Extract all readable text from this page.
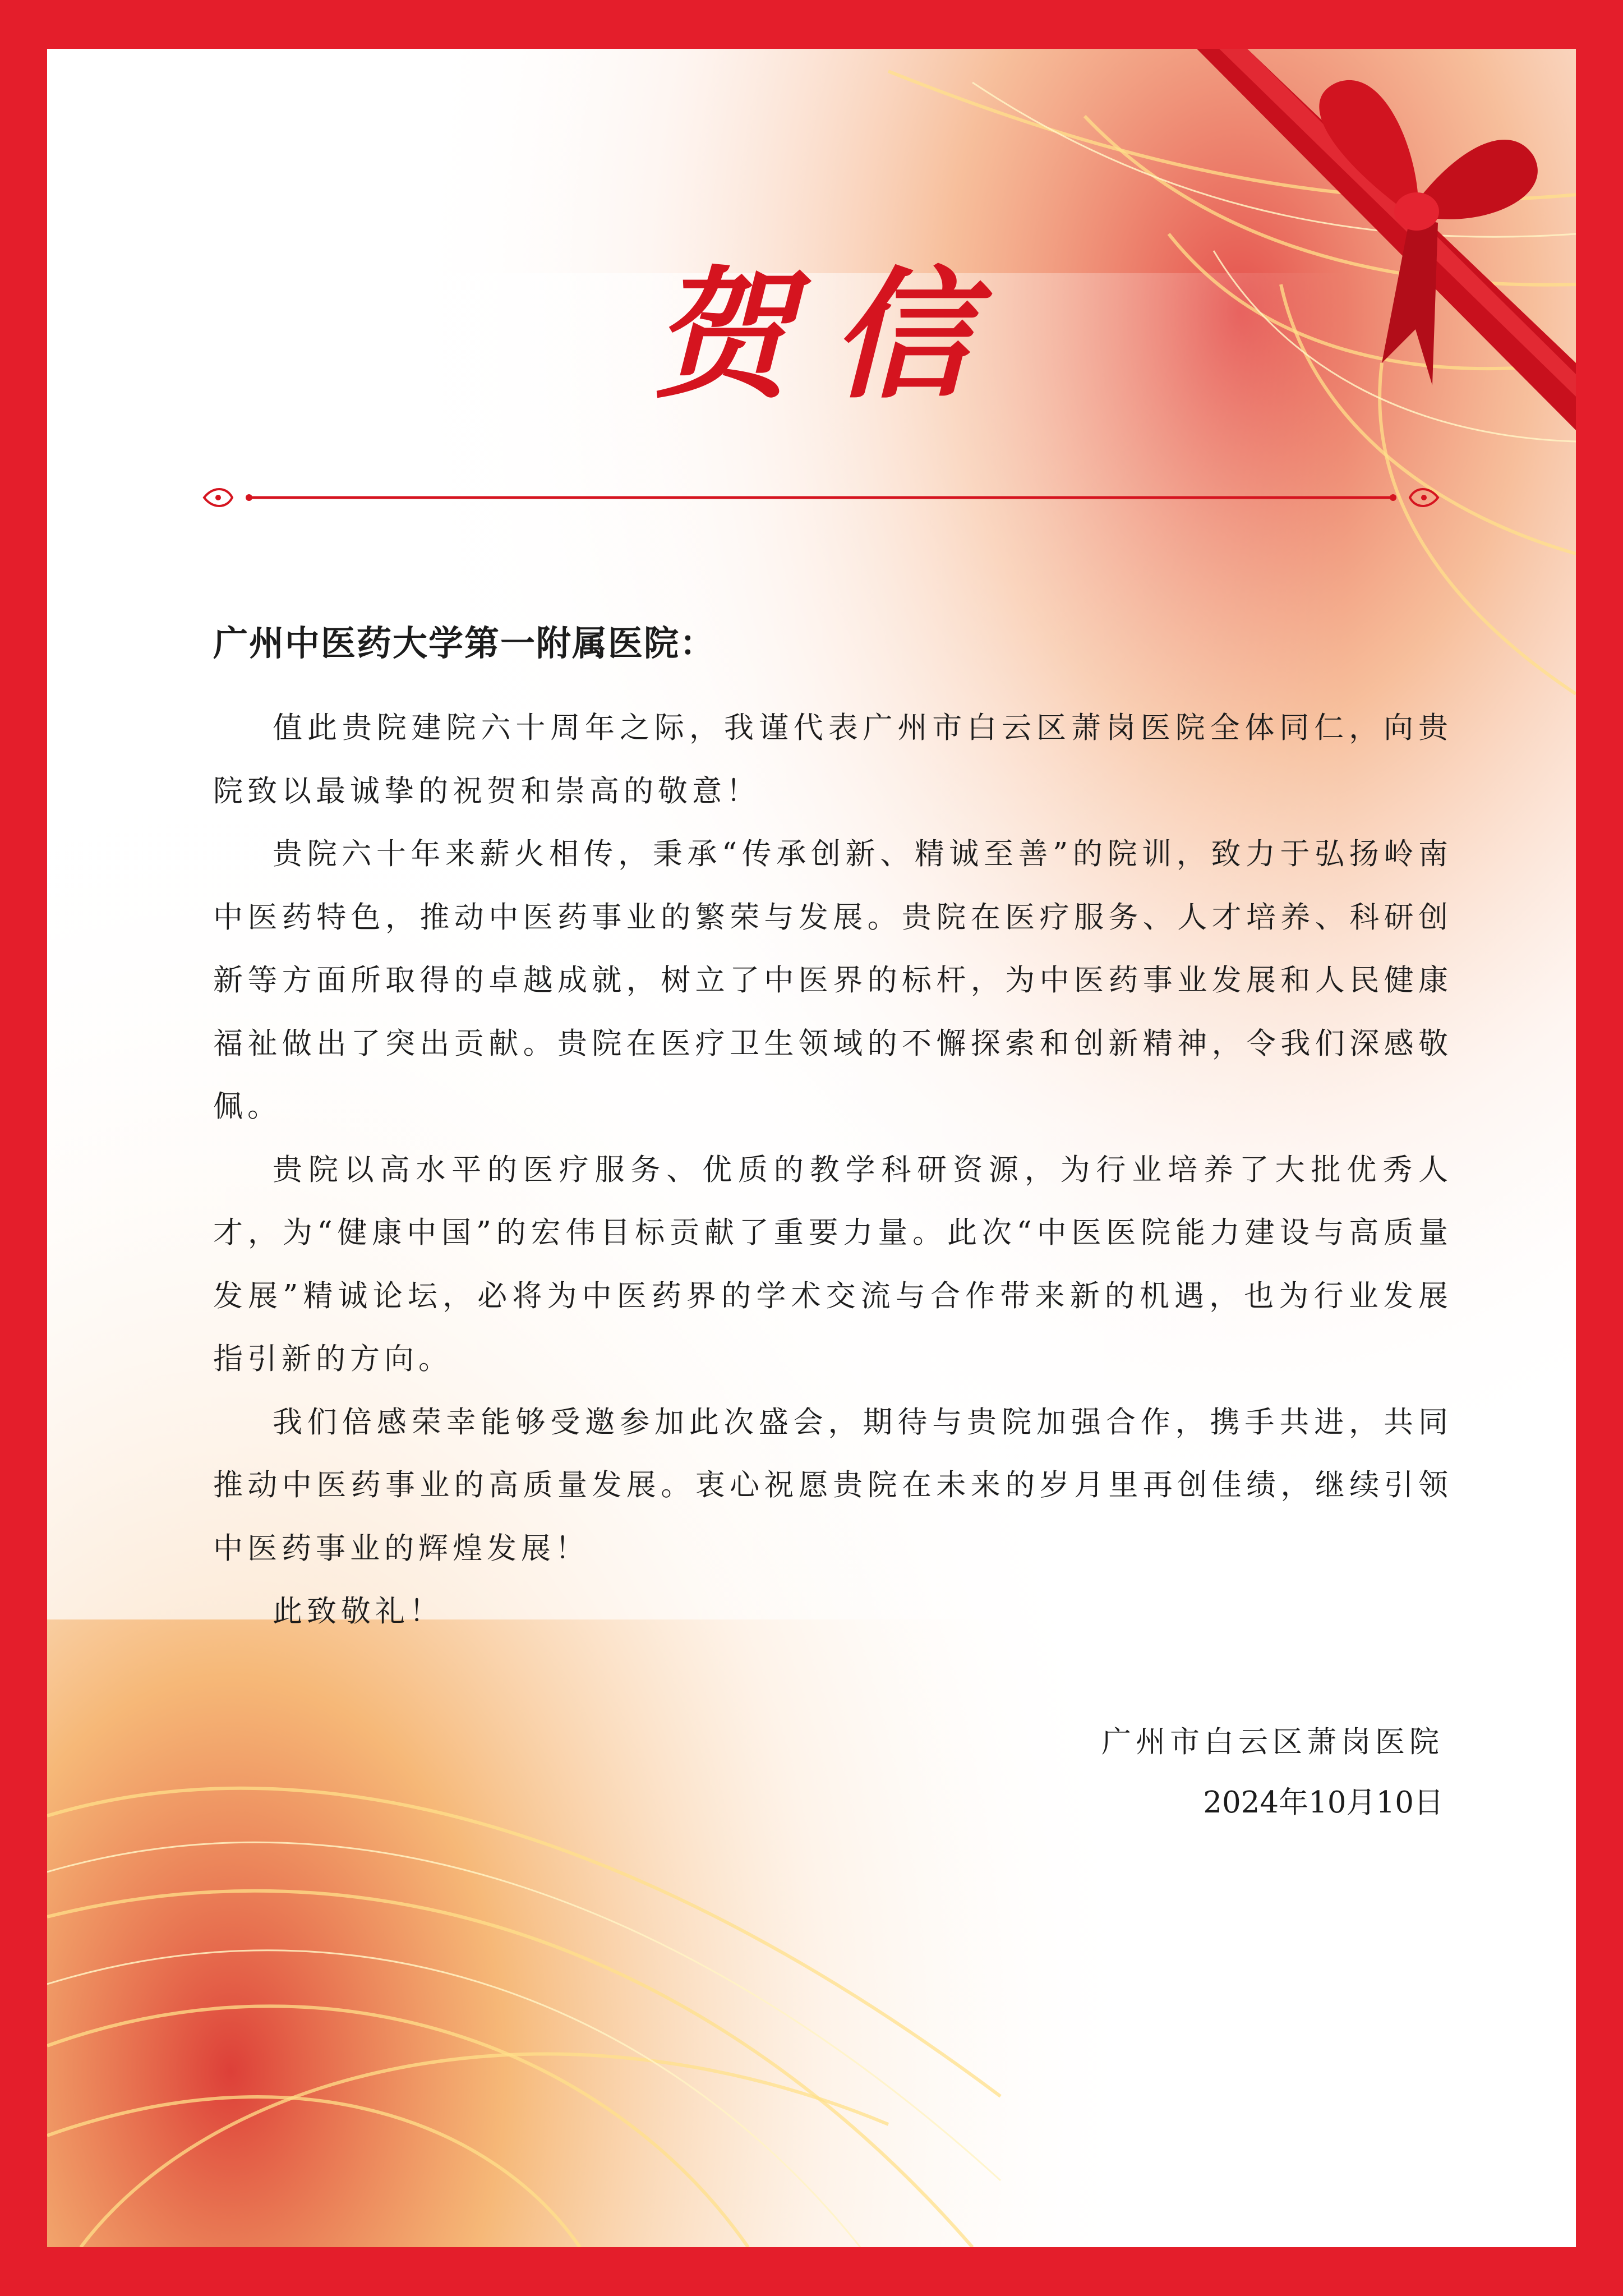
贺信
广州中医药大学第一附属医院：

值此贵院建院六十周年之际，我谨代表广州市白云区萧岗医院全体同仁，向贵院致以最诚挚的祝贺和崇高的敬意！

贵院六十年来薪火相传，秉承“传承创新、精诚至善”的院训，致力于弘扬岭南中医药特色，推动中医药事业的繁荣与发展。贵院在医疗服务、人才培养、科研创新等方面所取得的卓越成就，树立了中医界的标杆，为中医药事业发展和人民健康福祉做出了突出贡献。贵院在医疗卫生领域的不懈探索和创新精神，令我们深感敬佩。

贵院以高水平的医疗服务、优质的教学科研资源，为行业培养了大批优秀人才，为“健康中国”的宏伟目标贡献了重要力量。此次“中医医院能力建设与高质量发展”精诚论坛，必将为中医药界的学术交流与合作带来新的机遇，也为行业发展指引新的方向。

我们倍感荣幸能够受邀参加此次盛会，期待与贵院加强合作，携手共进，共同推动中医药事业的高质量发展。衷心祝愿贵院在未来的岁月里再创佳绩，继续引领中医药事业的辉煌发展！

此致敬礼！

广州市白云区萧岗医院
2024年10月10日
